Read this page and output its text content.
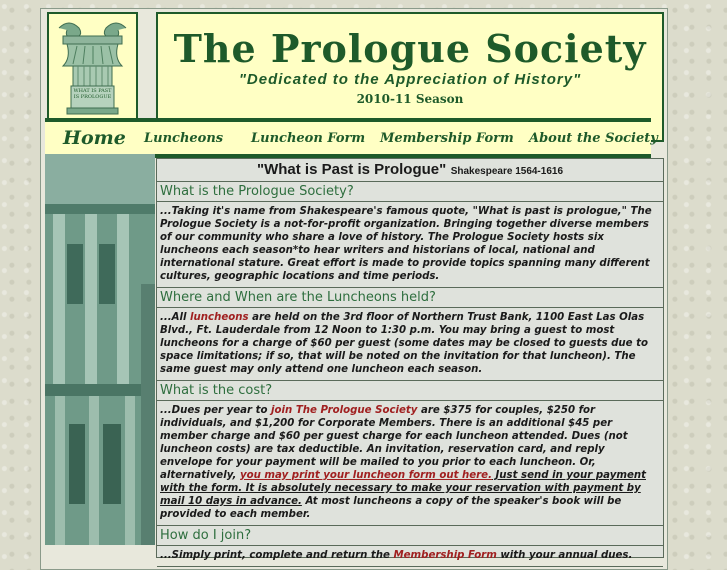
WHAT IS PAST
IS PROLOGUE
The Prologue Society
"Dedicated to the Appreciation of History"
2010-11 Season
Home Luncheons Luncheon Form Membership Form About the Society
"What is Past is Prologue" Shakespeare 1564-1616
What is the Prologue Society?
...Taking it's name from Shakespeare's famous quote, "What is past is prologue," The Prologue Society is a not-for-profit organization. Bringing together diverse members of our community who share a love of history. The Prologue Society hosts six luncheons each season*to hear writers and historians of local, national and international stature. Great effort is made to provide topics spanning many different cultures, geographic locations and time periods.
Where and When are the Luncheons held?
...All luncheons are held on the 3rd floor of Northern Trust Bank, 1100 East Las Olas Blvd., Ft. Lauderdale from 12 Noon to 1:30 p.m. You may bring a guest to most luncheons for a charge of $60 per guest (some dates may be closed to guests due to space limitations; if so, that will be noted on the invitation for that luncheon). The same guest may only attend one luncheon each season.
What is the cost?
...Dues per year to join The Prologue Society are $375 for couples, $250 for individuals, and $1,200 for Corporate Members. There is an additional $45 per member charge and $60 per guest charge for each luncheon attended. Dues (not luncheon costs) are tax deductible. An invitation, reservation card, and reply envelope for your payment will be mailed to you prior to each luncheon. Or, alternatively, you may print your luncheon form out here. Just send in your payment with the form. It is absolutely necessary to make your reservation with payment by mail 10 days in advance. At most luncheons a copy of the speaker's book will be provided to each member.
How do I join?
...Simply print, complete and return the Membership Form with your annual dues.
